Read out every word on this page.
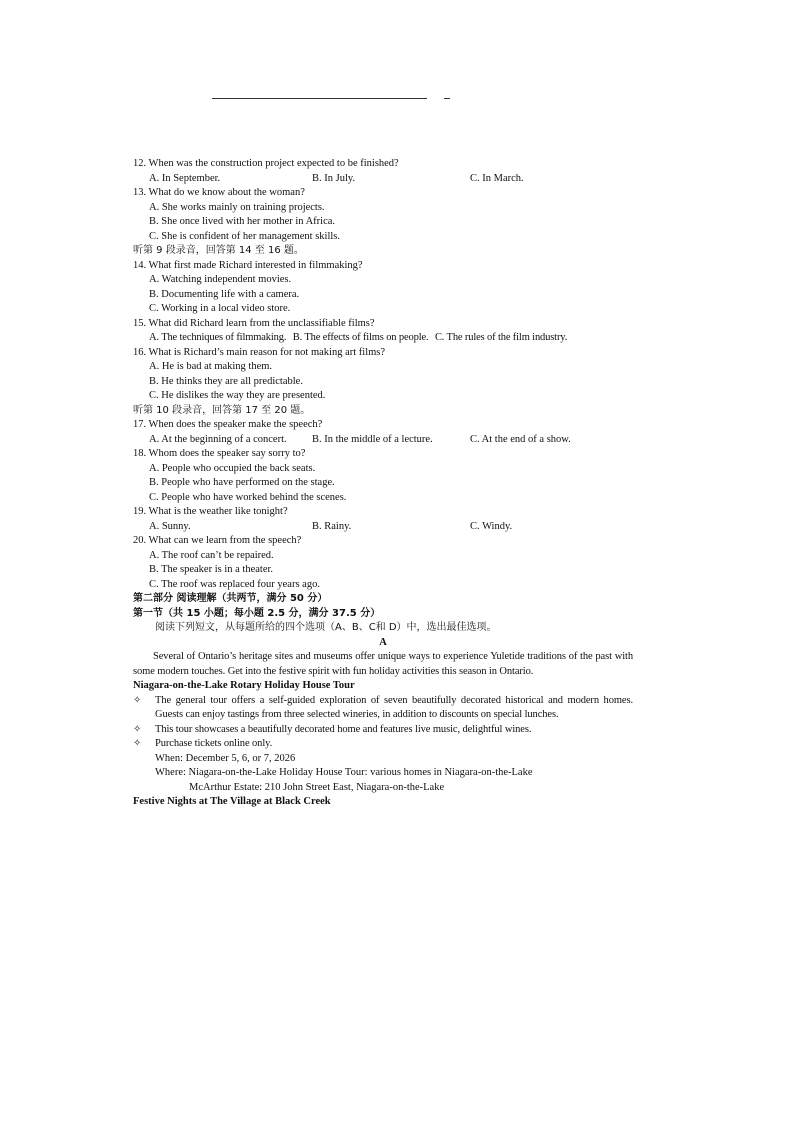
12. When was the construction project expected to be finished?
A. In September.	B. In July.	C. In March.
13. What do we know about the woman?
A. She works mainly on training projects.
B. She once lived with her mother in Africa.
C. She is confident of her management skills.
听第 9 段录音，回答第 14 至 16 题。
14. What first made Richard interested in filmmaking?
A. Watching independent movies.
B. Documenting life with a camera.
C. Working in a local video store.
15. What did Richard learn from the unclassifiable films?
A. The techniques of filmmaking. B. The effects of films on people. C. The rules of the film industry.
16. What is Richard’s main reason for not making art films?
A. He is bad at making them.
B. He thinks they are all predictable.
C. He dislikes the way they are presented.
听第 10 段录音，回答第 17 至 20 题。
17. When does the speaker make the speech?
A. At the beginning of a concert.	B. In the middle of a lecture.	C. At the end of a show.
18. Whom does the speaker say sorry to?
A. People who occupied the back seats.
B. People who have performed on the stage.
C. People who have worked behind the scenes.
19. What is the weather like tonight?
A. Sunny.	B. Rainy.	C. Windy.
20. What can we learn from the speech?
A. The roof can’t be repaired.
B. The speaker is in a theater.
C. The roof was replaced four years ago.
第二部分 阅读理解（共两节，满分 50 分）
第一节（共 15 小题；每小题 2.5 分，满分 37.5 分）
阅读下列短文，从每题所给的四个选项（A、B、C和 D）中，选出最佳选项。
A
Several of Ontario’s heritage sites and museums offer unique ways to experience Yuletide traditions of the past with some modern touches. Get into the festive spirit with fun holiday activities this season in Ontario.
Niagara-on-the-Lake Rotary Holiday House Tour
✧	The general tour offers a self-guided exploration of seven beautifully decorated historical and modern homes. Guests can enjoy tastings from three selected wineries, in addition to discounts on special lunches.
✧	This tour showcases a beautifully decorated home and features live music, delightful wines.
✧	Purchase tickets online only.
When: December 5, 6, or 7, 2026
Where: Niagara-on-the-Lake Holiday House Tour: various homes in Niagara-on-the-Lake
McArthur Estate: 210 John Street East, Niagara-on-the-Lake
Festive Nights at The Village at Black Creek
